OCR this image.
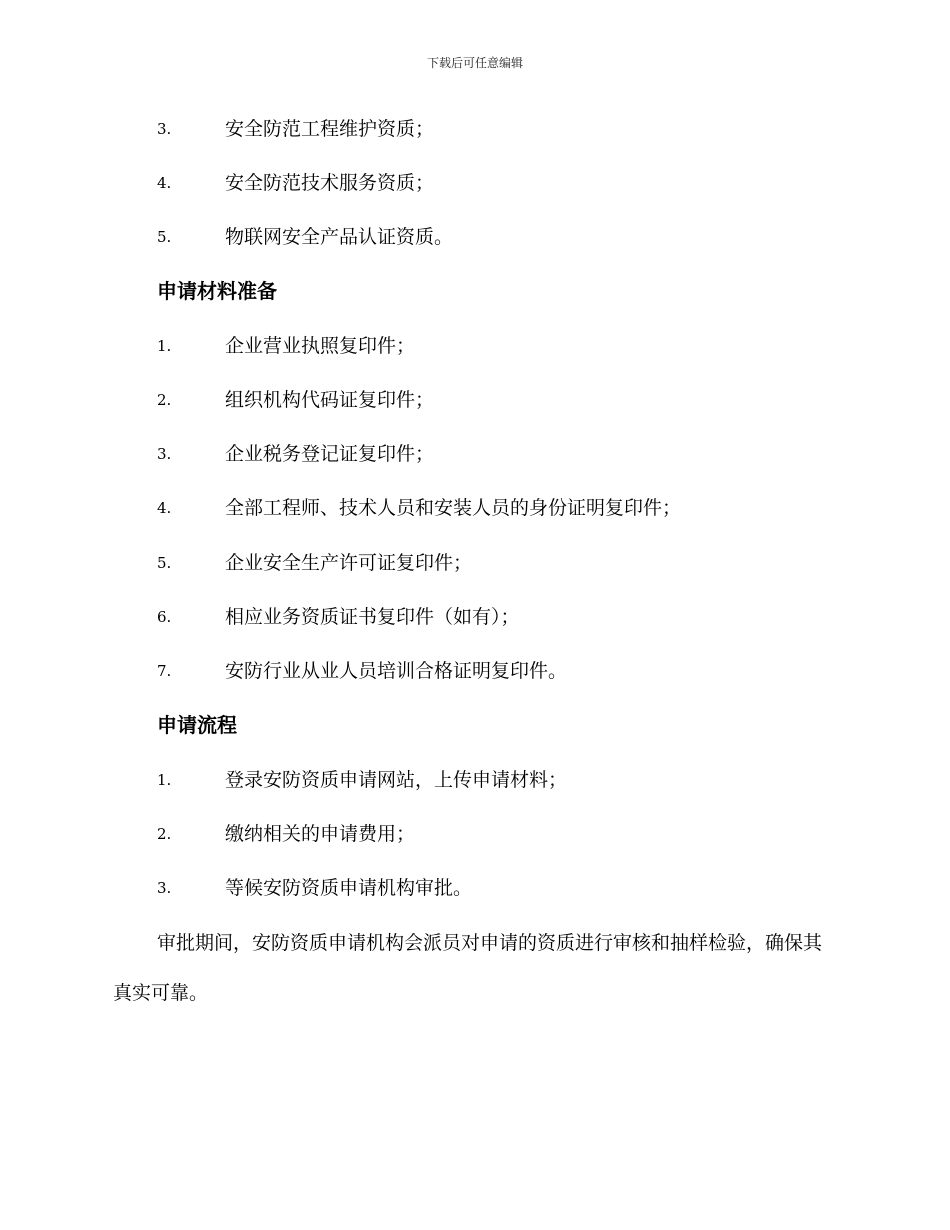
下载后可任意编辑
3.	安全防范工程维护资质；
4.	安全防范技术服务资质；
5.	物联网安全产品认证资质。
申请材料准备
1.	企业营业执照复印件；
2.	组织机构代码证复印件；
3.	企业税务登记证复印件；
4.	全部工程师、技术人员和安装人员的身份证明复印件；
5.	企业安全生产许可证复印件；
6.	相应业务资质证书复印件（如有）；
7.	安防行业从业人员培训合格证明复印件。
申请流程
1.	登录安防资质申请网站，上传申请材料；
2.	缴纳相关的申请费用；
3.	等候安防资质申请机构审批。

审批期间，安防资质申请机构会派员对申请的资质进行审核和抽样检验，确保其真实可靠。
